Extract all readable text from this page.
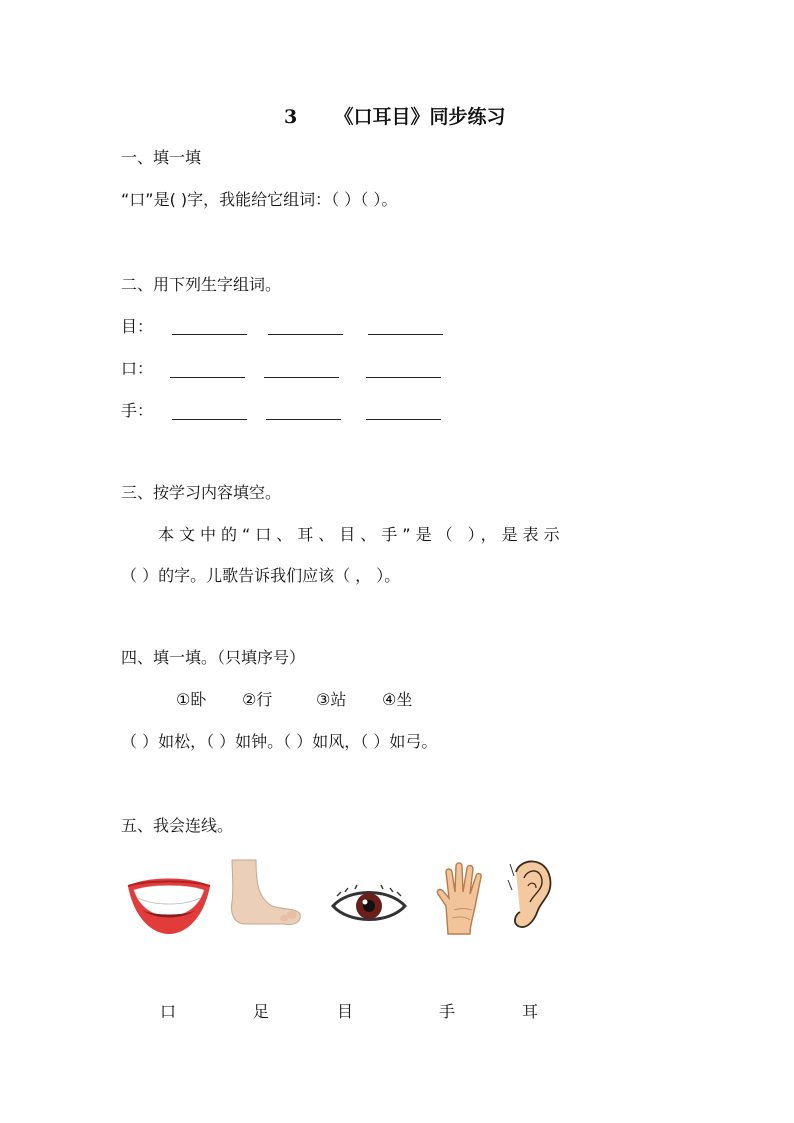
3 《口耳目》同步练习
一、填一填
“口”是( )字，我能给它组词：（ ）（ ）。
二、用下列生字组词。
目：
口：
手：
三、按学习内容填空。
本文中的“口、耳、目、手”是（ ），是表示
（ ）的字。儿歌告诉我们应该（ ， ）。
四、填一填。（只填序号）
①卧 ②行	③站 ④坐
（ ）如松，（ ）如钟。（ ）如风，（ ）如弓。
五、我会连线。
口	足	目	手	耳
